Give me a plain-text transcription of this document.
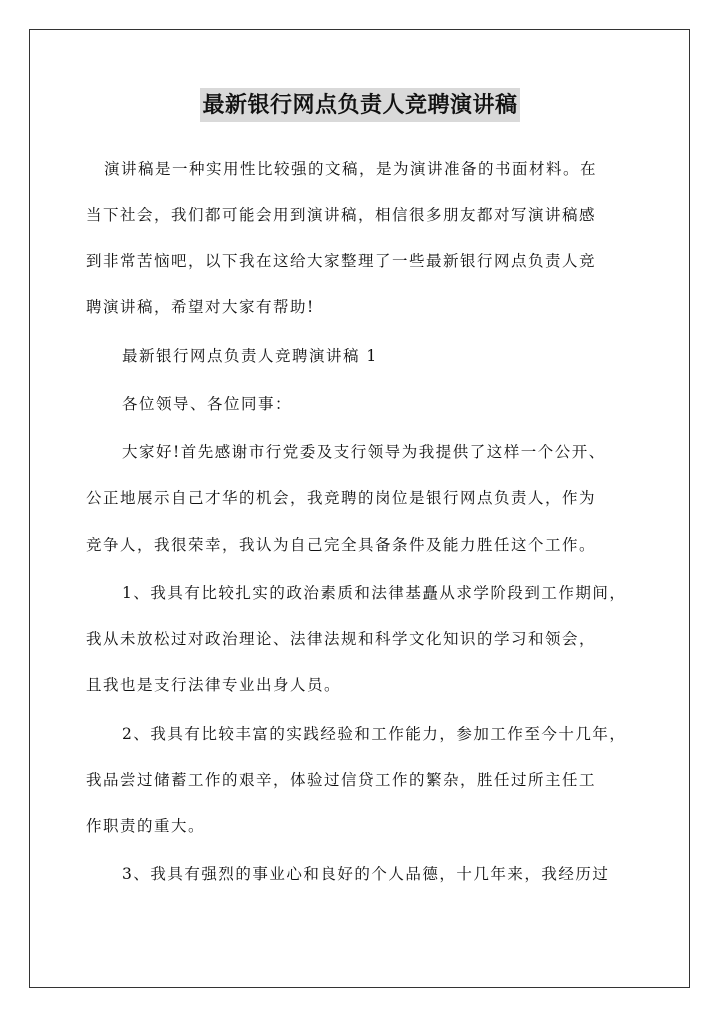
最新银行网点负责人竞聘演讲稿
演讲稿是一种实用性比较强的文稿，是为演讲准备的书面材料。在
当下社会，我们都可能会用到演讲稿，相信很多朋友都对写演讲稿感
到非常苦恼吧，以下我在这给大家整理了一些最新银行网点负责人竞
聘演讲稿，希望对大家有帮助!
最新银行网点负责人竞聘演讲稿 1
各位领导、各位同事：
大家好!首先感谢市行党委及支行领导为我提供了这样一个公开、
公正地展示自己才华的机会，我竞聘的岗位是银行网点负责人，作为
竞争人，我很荣幸，我认为自己完全具备条件及能力胜任这个工作。
1、我具有比较扎实的政治素质和法律基矗从求学阶段到工作期间，
我从未放松过对政治理论、法律法规和科学文化知识的学习和领会，
且我也是支行法律专业出身人员。
2、我具有比较丰富的实践经验和工作能力，参加工作至今十几年，
我品尝过储蓄工作的艰辛，体验过信贷工作的繁杂，胜任过所主任工
作职责的重大。
3、我具有强烈的事业心和良好的个人品德，十几年来，我经历过
